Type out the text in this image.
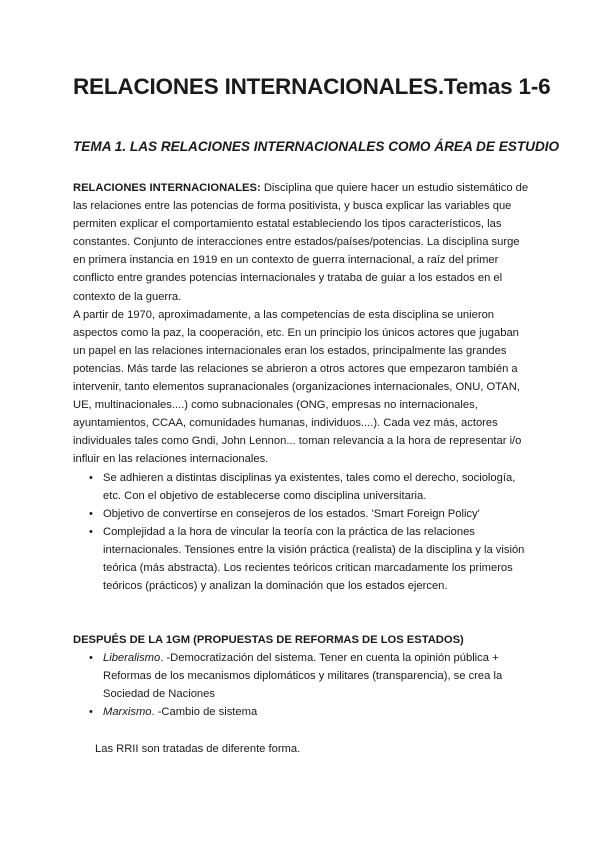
RELACIONES INTERNACIONALES.Temas 1-6
TEMA 1. LAS RELACIONES INTERNACIONALES COMO ÁREA DE ESTUDIO

RELACIONES INTERNACIONALES: Disciplina que quiere hacer un estudio sistemático de las relaciones entre las potencias de forma positivista, y busca explicar las variables que permiten explicar el comportamiento estatal estableciendo los tipos característicos, las constantes. Conjunto de interacciones entre estados/países/potencias. La disciplina surge en primera instancia en 1919 en un contexto de guerra internacional, a raíz del primer conflicto entre grandes potencias internacionales y trataba de guiar a los estados en el contexto de la guerra.

A partir de 1970, aproximadamente, a las competencias de esta disciplina se unieron aspectos como la paz, la cooperación, etc. En un principio los únicos actores que jugaban un papel en las relaciones internacionales eran los estados, principalmente las grandes potencias. Más tarde las relaciones se abrieron a otros actores que empezaron también a intervenir, tanto elementos supranacionales (organizaciones internacionales, ONU, OTAN, UE, multinacionales....) como subnacionales (ONG, empresas no internacionales, ayuntamientos, CCAA, comunidades humanas, individuos....). Cada vez más, actores individuales tales como Gndi, John Lennon... toman relevancia a la hora de representar i/o influir en las relaciones internacionales.

• Se adhieren a distintas disciplinas ya existentes, tales como el derecho, sociología, etc. Con el objetivo de establecerse como disciplina universitaria.
• Objetivo de convertirse en consejeros de los estados. 'Smart Foreign Policy'
• Complejidad a la hora de vincular la teoría con la práctica de las relaciones internacionales. Tensiones entre la visión práctica (realista) de la disciplina y la visión teórica (más abstracta). Los recientes teóricos critican marcadamente los primeros teóricos (prácticos) y analizan la dominación que los estados ejercen.

DESPUÉS DE LA 1GM (PROPUESTAS DE REFORMAS DE LOS ESTADOS)

• Liberalismo. -Democratización del sistema. Tener en cuenta la opinión pública + Reformas de los mecanismos diplomáticos y militares (transparencia), se crea la Sociedad de Naciones
• Marxismo. -Cambio de sistema

Las RRII son tratadas de diferente forma.
